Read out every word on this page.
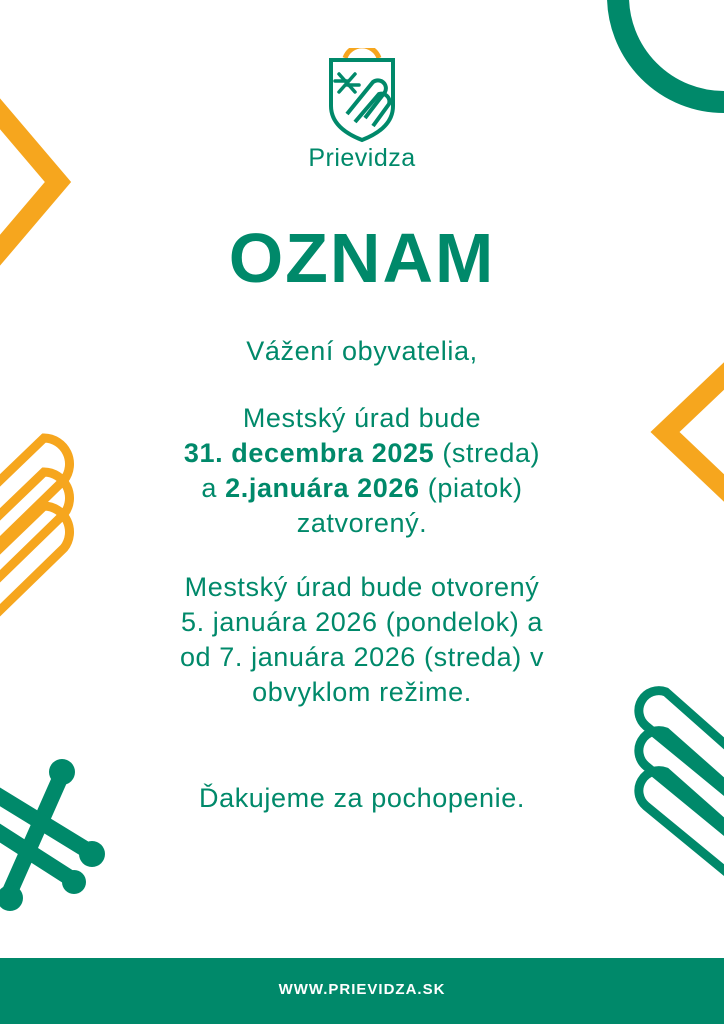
Prievidza
OZNAM
Vážení obyvatelia,
Mestský úrad bude
31. decembra 2025 (streda)
a 2.januára 2026 (piatok)
zatvorený.
Mestský úrad bude otvorený
5. januára 2026 (pondelok) a
od 7. januára 2026 (streda) v
obvyklom režime.
Ďakujeme za pochopenie.
WWW.PRIEVIDZA.SK
